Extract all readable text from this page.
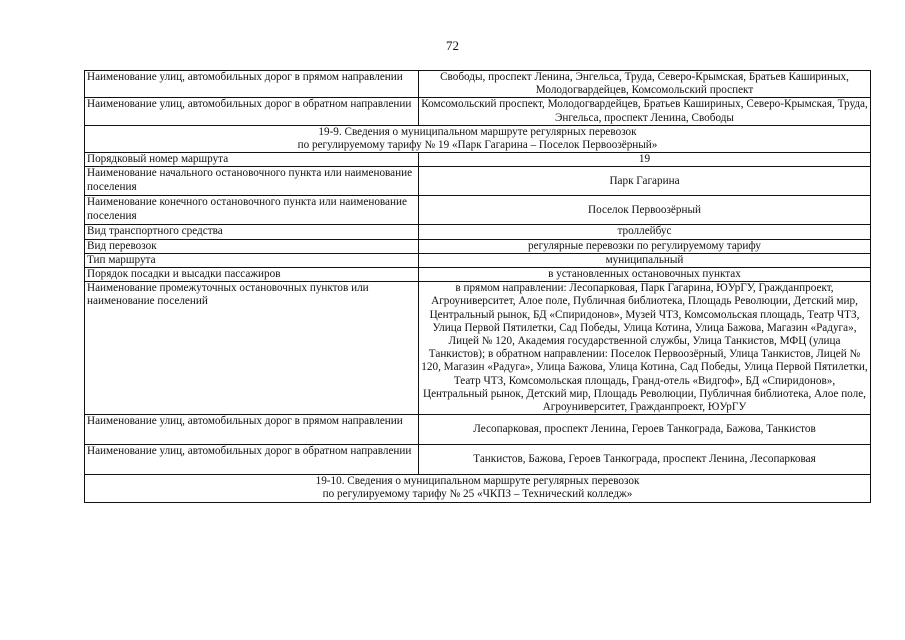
72
Наименование улиц, автомобильных дорог в прямом направлении	Свободы, проспект Ленина, Энгельса, Труда, Северо-Крымская, Братьев Кашириных, Молодогвардейцев, Комсомольский проспект
Наименование улиц, автомобильных дорог в обратном направлении	Комсомольский проспект, Молодогвардейцев, Братьев Кашириных, Северо-Крымская, Труда, Энгельса, проспект Ленина, Свободы

19-9. Сведения о муниципальном маршруте регулярных перевозок
по регулируемому тарифу № 19 «Парк Гагарина – Поселок Первоозёрный»	

Порядковый номер маршрута	19
Наименование начального остановочного пункта или наименование поселения	Парк Гагарина
Наименование конечного остановочного пункта или наименование поселения	Поселок Первоозёрный
Вид транспортного средства	троллейбус
Вид перевозок	регулярные перевозки по регулируемому тарифу
Тип маршрута	муниципальный
Порядок посадки и высадки пассажиров	в установленных остановочных пунктах
Наименование промежуточных остановочных пунктов или наименование поселений	в прямом направлении: Лесопарковая, Парк Гагарина, ЮУрГУ, Гражданпроект, Агроуниверситет, Алое поле, Публичная библиотека, Площадь Революции, Детский мир, Центральный рынок, БД «Спиридонов», Музей ЧТЗ, Комсомольская площадь, Театр ЧТЗ, Улица Первой Пятилетки, Сад Победы, Улица Котина, Улица Бажова, Магазин «Радуга», Лицей № 120, Академия государственной службы, Улица Танкистов, МФЦ (улица Танкистов); в обратном направлении: Поселок Первоозёрный, Улица Танкистов, Лицей № 120, Магазин «Радуга», Улица Бажова, Улица Котина, Сад Победы, Улица Первой Пятилетки, Театр ЧТЗ, Комсомольская площадь, Гранд-отель «Видгоф», БД «Спиридонов», Центральный рынок, Детский мир, Площадь Революции, Публичная библиотека, Алое поле, Агроуниверситет, Гражданпроект, ЮУрГУ
Наименование улиц, автомобильных дорог в прямом направлении	Лесопарковая, проспект Ленина, Героев Танкограда, Бажова, Танкистов
Наименование улиц, автомобильных дорог в обратном направлении	Танкистов, Бажова, Героев Танкограда, проспект Ленина, Лесопарковая

19-10. Сведения о муниципальном маршруте регулярных перевозок
по регулируемому тарифу № 25 «ЧКПЗ – Технический колледж»	
